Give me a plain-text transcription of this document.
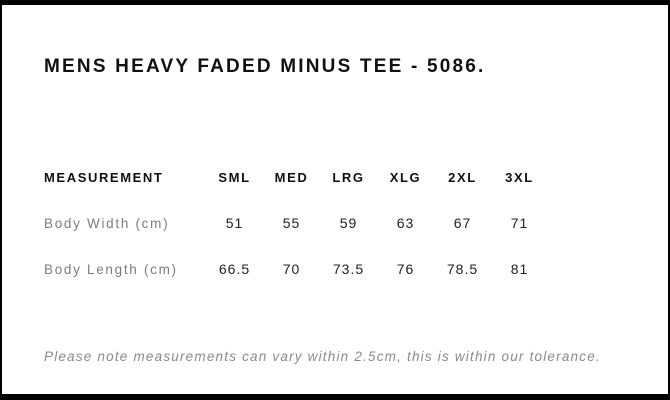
MENS HEAVY FADED MINUS TEE - 5086.
MEASUREMENT	SML	MED	LRG	XLG	2XL	3XL
Body Width (cm)	51	55	59	63	67	71
Body Length (cm)	66.5	70	73.5	76	78.5	81

Please note measurements can vary within 2.5cm, this is within our tolerance.
